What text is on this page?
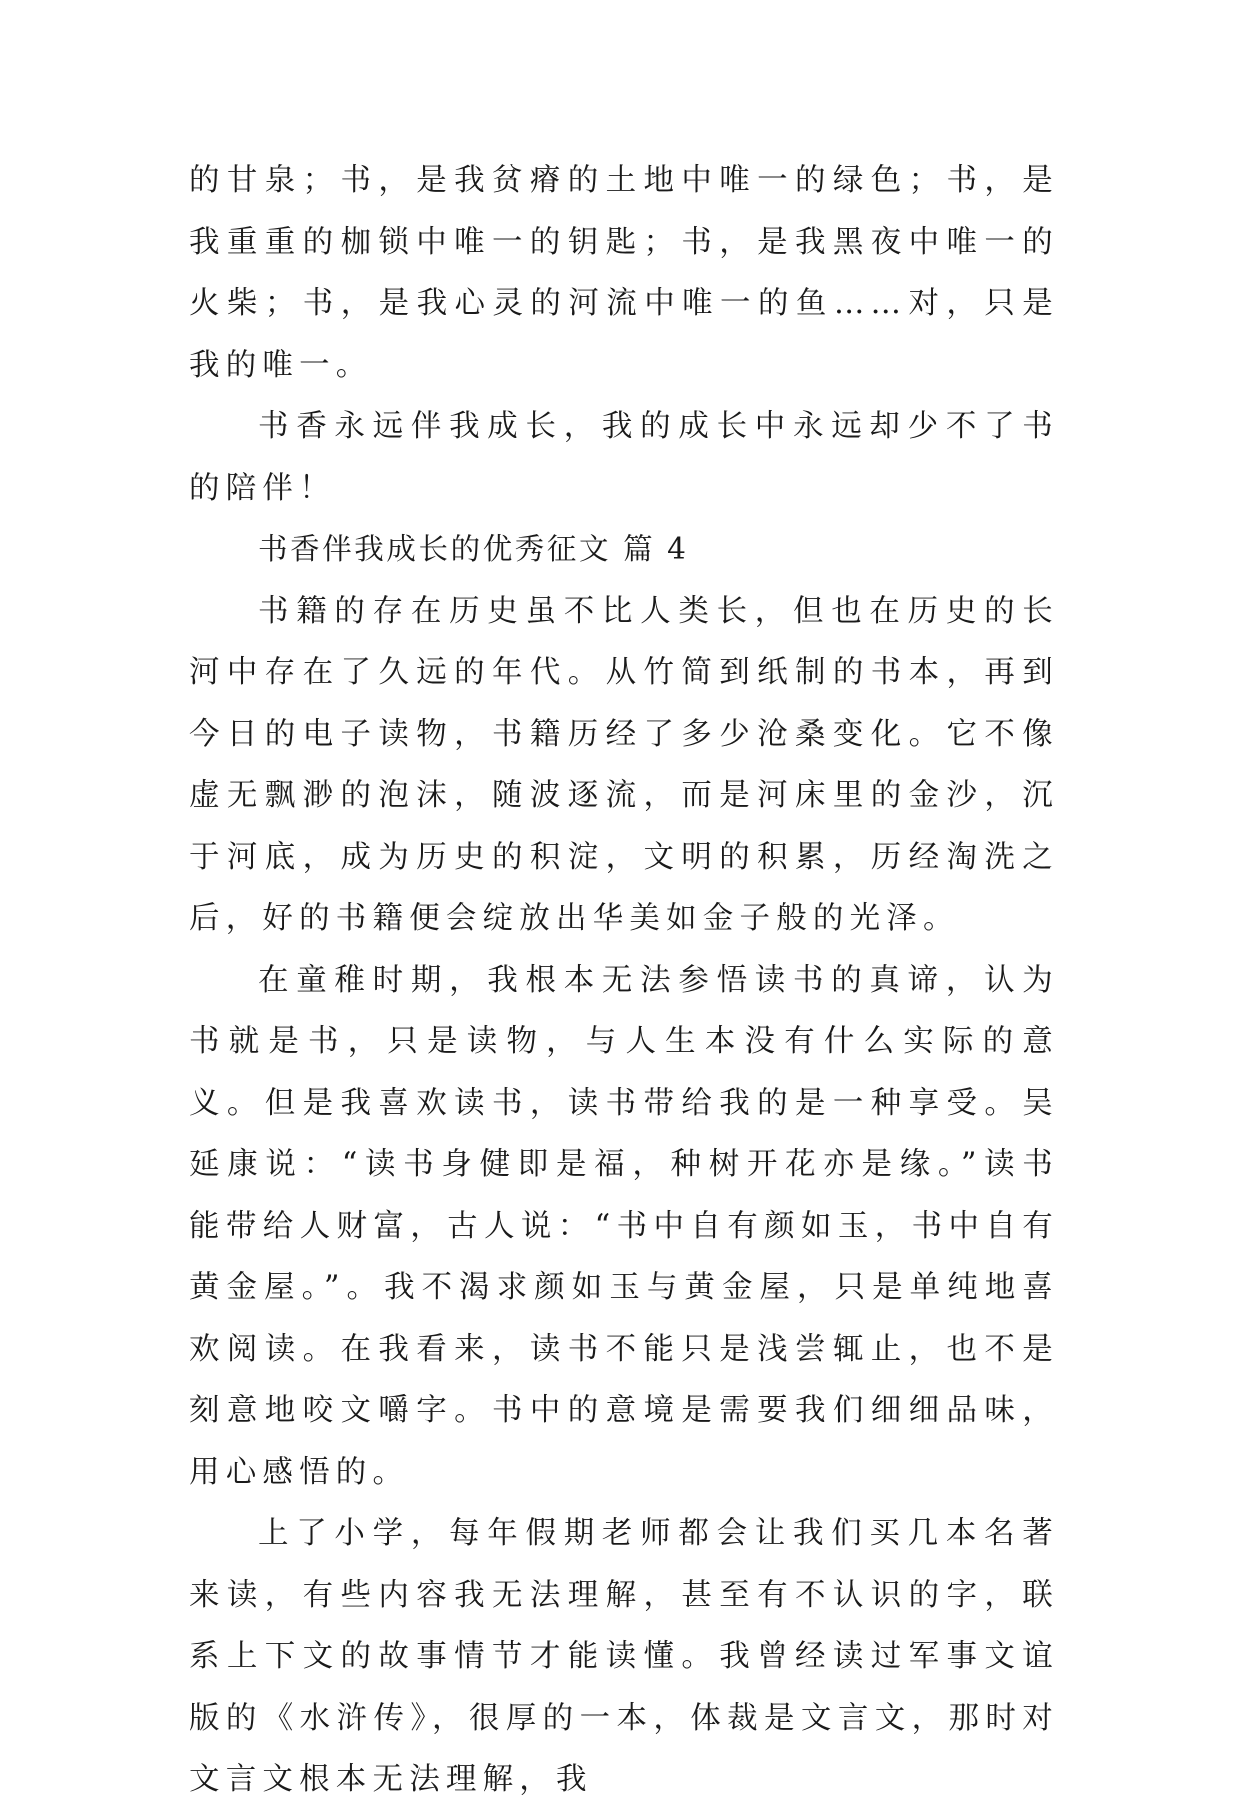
的甘泉；书，是我贫瘠的土地中唯一的绿色；书，是我重重的枷锁中唯一的钥匙；书，是我黑夜中唯一的火柴；书，是我心灵的河流中唯一的鱼……对，只是我的唯一。

书香永远伴我成长，我的成长中永远却少不了书的陪伴！

书香伴我成长的优秀征文 篇 4

书籍的存在历史虽不比人类长，但也在历史的长河中存在了久远的年代。从竹简到纸制的书本，再到今日的电子读物，书籍历经了多少沧桑变化。它不像虚无飘渺的泡沫，随波逐流，而是河床里的金沙，沉于河底，成为历史的积淀，文明的积累，历经淘洗之后，好的书籍便会绽放出华美如金子般的光泽。

在童稚时期，我根本无法参悟读书的真谛，认为书就是书，只是读物，与人生本没有什么实际的意义。但是我喜欢读书，读书带给我的是一种享受。吴延康说：“读书身健即是福，种树开花亦是缘。”读书能带给人财富，古人说：“书中自有颜如玉，书中自有黄金屋。”。我不渴求颜如玉与黄金屋，只是单纯地喜欢阅读。在我看来，读书不能只是浅尝辄止，也不是刻意地咬文嚼字。书中的意境是需要我们细细品味，用心感悟的。

上了小学，每年假期老师都会让我们买几本名著来读，有些内容我无法理解，甚至有不认识的字，联系上下文的故事情节才能读懂。我曾经读过军事文谊版的《水浒传》，很厚的一本，体裁是文言文，那时对文言文根本无法理解，我
